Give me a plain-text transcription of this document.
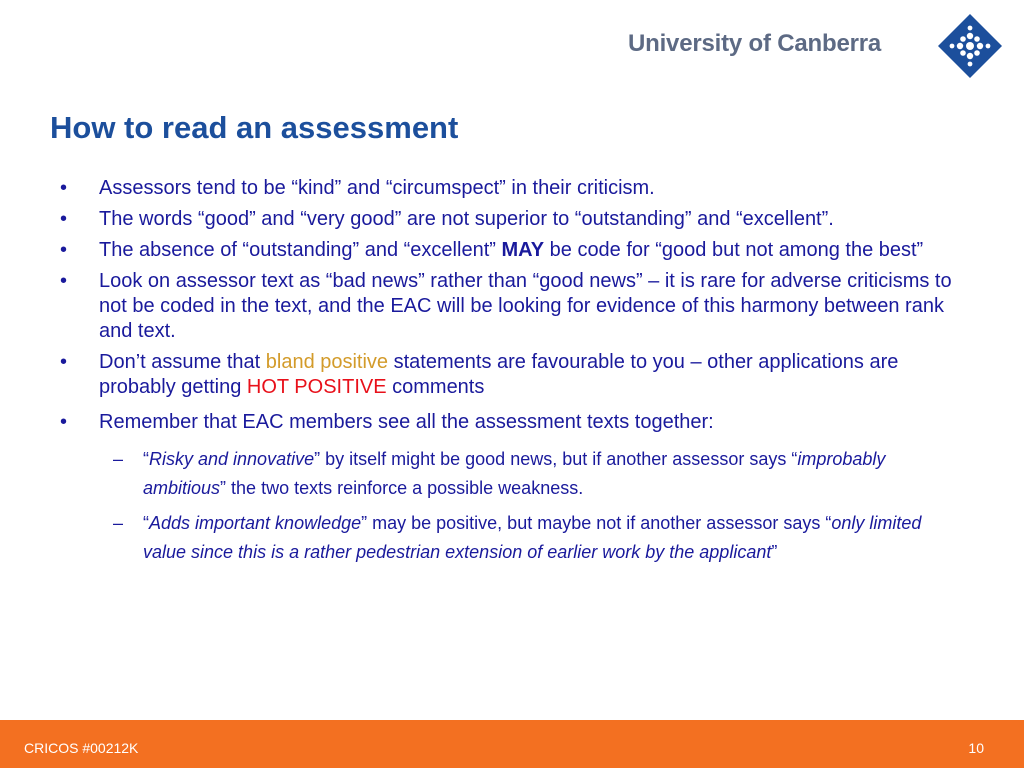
University of Canberra
How to read an assessment
• Assessors tend to be “kind” and “circumspect” in their criticism.
• The words “good” and “very good” are not superior to “outstanding” and “excellent”.
• The absence of “outstanding” and “excellent” MAY be code for “good but not among the best”
• Look on assessor text as “bad news” rather than “good news” – it is rare for adverse criticisms to not be coded in the text, and the EAC will be looking for evidence of this harmony between rank and text.
• Don’t assume that bland positive statements are favourable to you – other applications are probably getting HOT POSITIVE comments
• Remember that EAC members see all the assessment texts together:
– “Risky and innovative” by itself might be good news, but if another assessor says “improbably ambitious” the two texts reinforce a possible weakness.
– “Adds important knowledge” may be positive, but maybe not if another assessor says “only limited value since this is a rather pedestrian extension of earlier work by the applicant”
CRICOS #00212K	10
